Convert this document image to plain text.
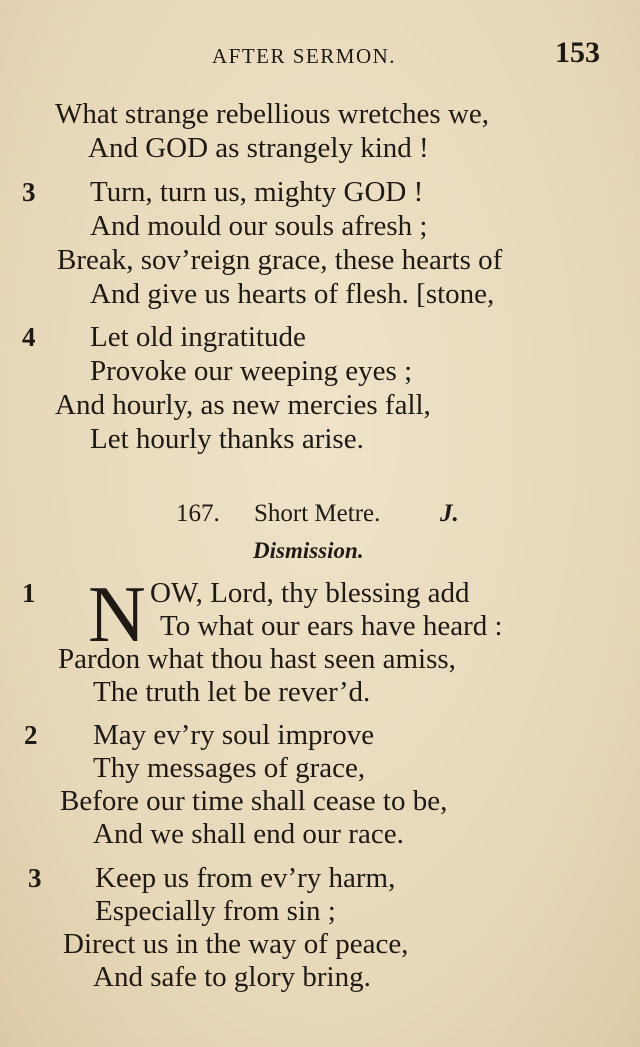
AFTER SERMON.	153
What strange rebellious wretches we,
And GOD as strangely kind !
3 Turn, turn us, mighty GOD !
And mould our souls afresh ;
Break, sov’reign grace, these hearts of
And give us hearts of flesh. [stone,
4 Let old ingratitude
Provoke our weeping eyes ;
And hourly, as new mercies fall,
Let hourly thanks arise.
167. Short Metre. J.
Dismission.
1 N OW, Lord, thy blessing add
To what our ears have heard :
Pardon what thou hast seen amiss,
The truth let be rever’d.
2 May ev’ry soul improve
Thy messages of grace,
Before our time shall cease to be,
And we shall end our race.
3 Keep us from ev’ry harm,
Especially from sin ;
Direct us in the way of peace,
And safe to glory bring.
